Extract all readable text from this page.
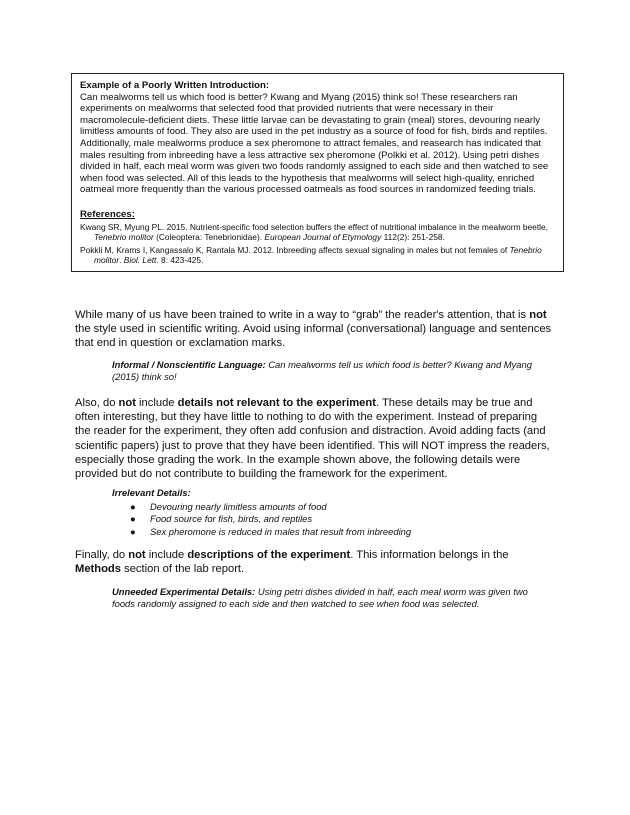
Example of a Poorly Written Introduction:

Can mealworms tell us which food is better? Kwang and Myang (2015) think so! These researchers ran experiments on mealworms that selected food that provided nutrients that were necessary in their macromolecule-deficient diets. These little larvae can be devastating to grain (meal) stores, devouring nearly limitless amounts of food. They also are used in the pet industry as a source of food for fish, birds and reptiles. Additionally, male mealworms produce a sex pheromone to attract females, and reasearch has indicated that males resulting from inbreeding have a less attractive sex pheromone (Polkki et al. 2012). Using petri dishes divided in half, each meal worm was given two foods randomly assigned to each side and then watched to see when food was selected. All of this leads to the hypothesis that mealworms will select high-quality, enriched oatmeal more frequently than the various processed oatmeals as food sources in randomized feeding trials.

References:
Kwang SR, Myung PL. 2015. Nutrient-specific food selection buffers the effect of nutritional imbalance in the mealworm beetle, Tenebrio molitor (Coleoptera: Tenebrionidae). European Journal of Etymology 112(2): 251-258.
Pokkli M, Krams I, Kangassalo K, Rantala MJ. 2012. Inbreeding affects sexual signaling in males but not females of Tenebrio molitor. Biol. Lett. 8: 423-425.

While many of us have been trained to write in a way to “grab” the reader's attention, that is not the style used in scientific writing. Avoid using informal (conversational) language and sentences that end in question or exclamation marks.

Informal / Nonscientific Language: Can mealworms tell us which food is better? Kwang and Myang (2015) think so!

Also, do not include details not relevant to the experiment. These details may be true and often interesting, but they have little to nothing to do with the experiment. Instead of preparing the reader for the experiment, they often add confusion and distraction. Avoid adding facts (and scientific papers) just to prove that they have been identified. This will NOT impress the readers, especially those grading the work. In the example shown above, the following details were provided but do not contribute to building the framework for the experiment.

Irrelevant Details:
● Devouring nearly limitless amounts of food
● Food source for fish, birds, and reptiles
● Sex pheromone is reduced in males that result from inbreeding

Finally, do not include descriptions of the experiment. This information belongs in the Methods section of the lab report.

Unneeded Experimental Details: Using petri dishes divided in half, each meal worm was given two foods randomly assigned to each side and then watched to see when food was selected.
